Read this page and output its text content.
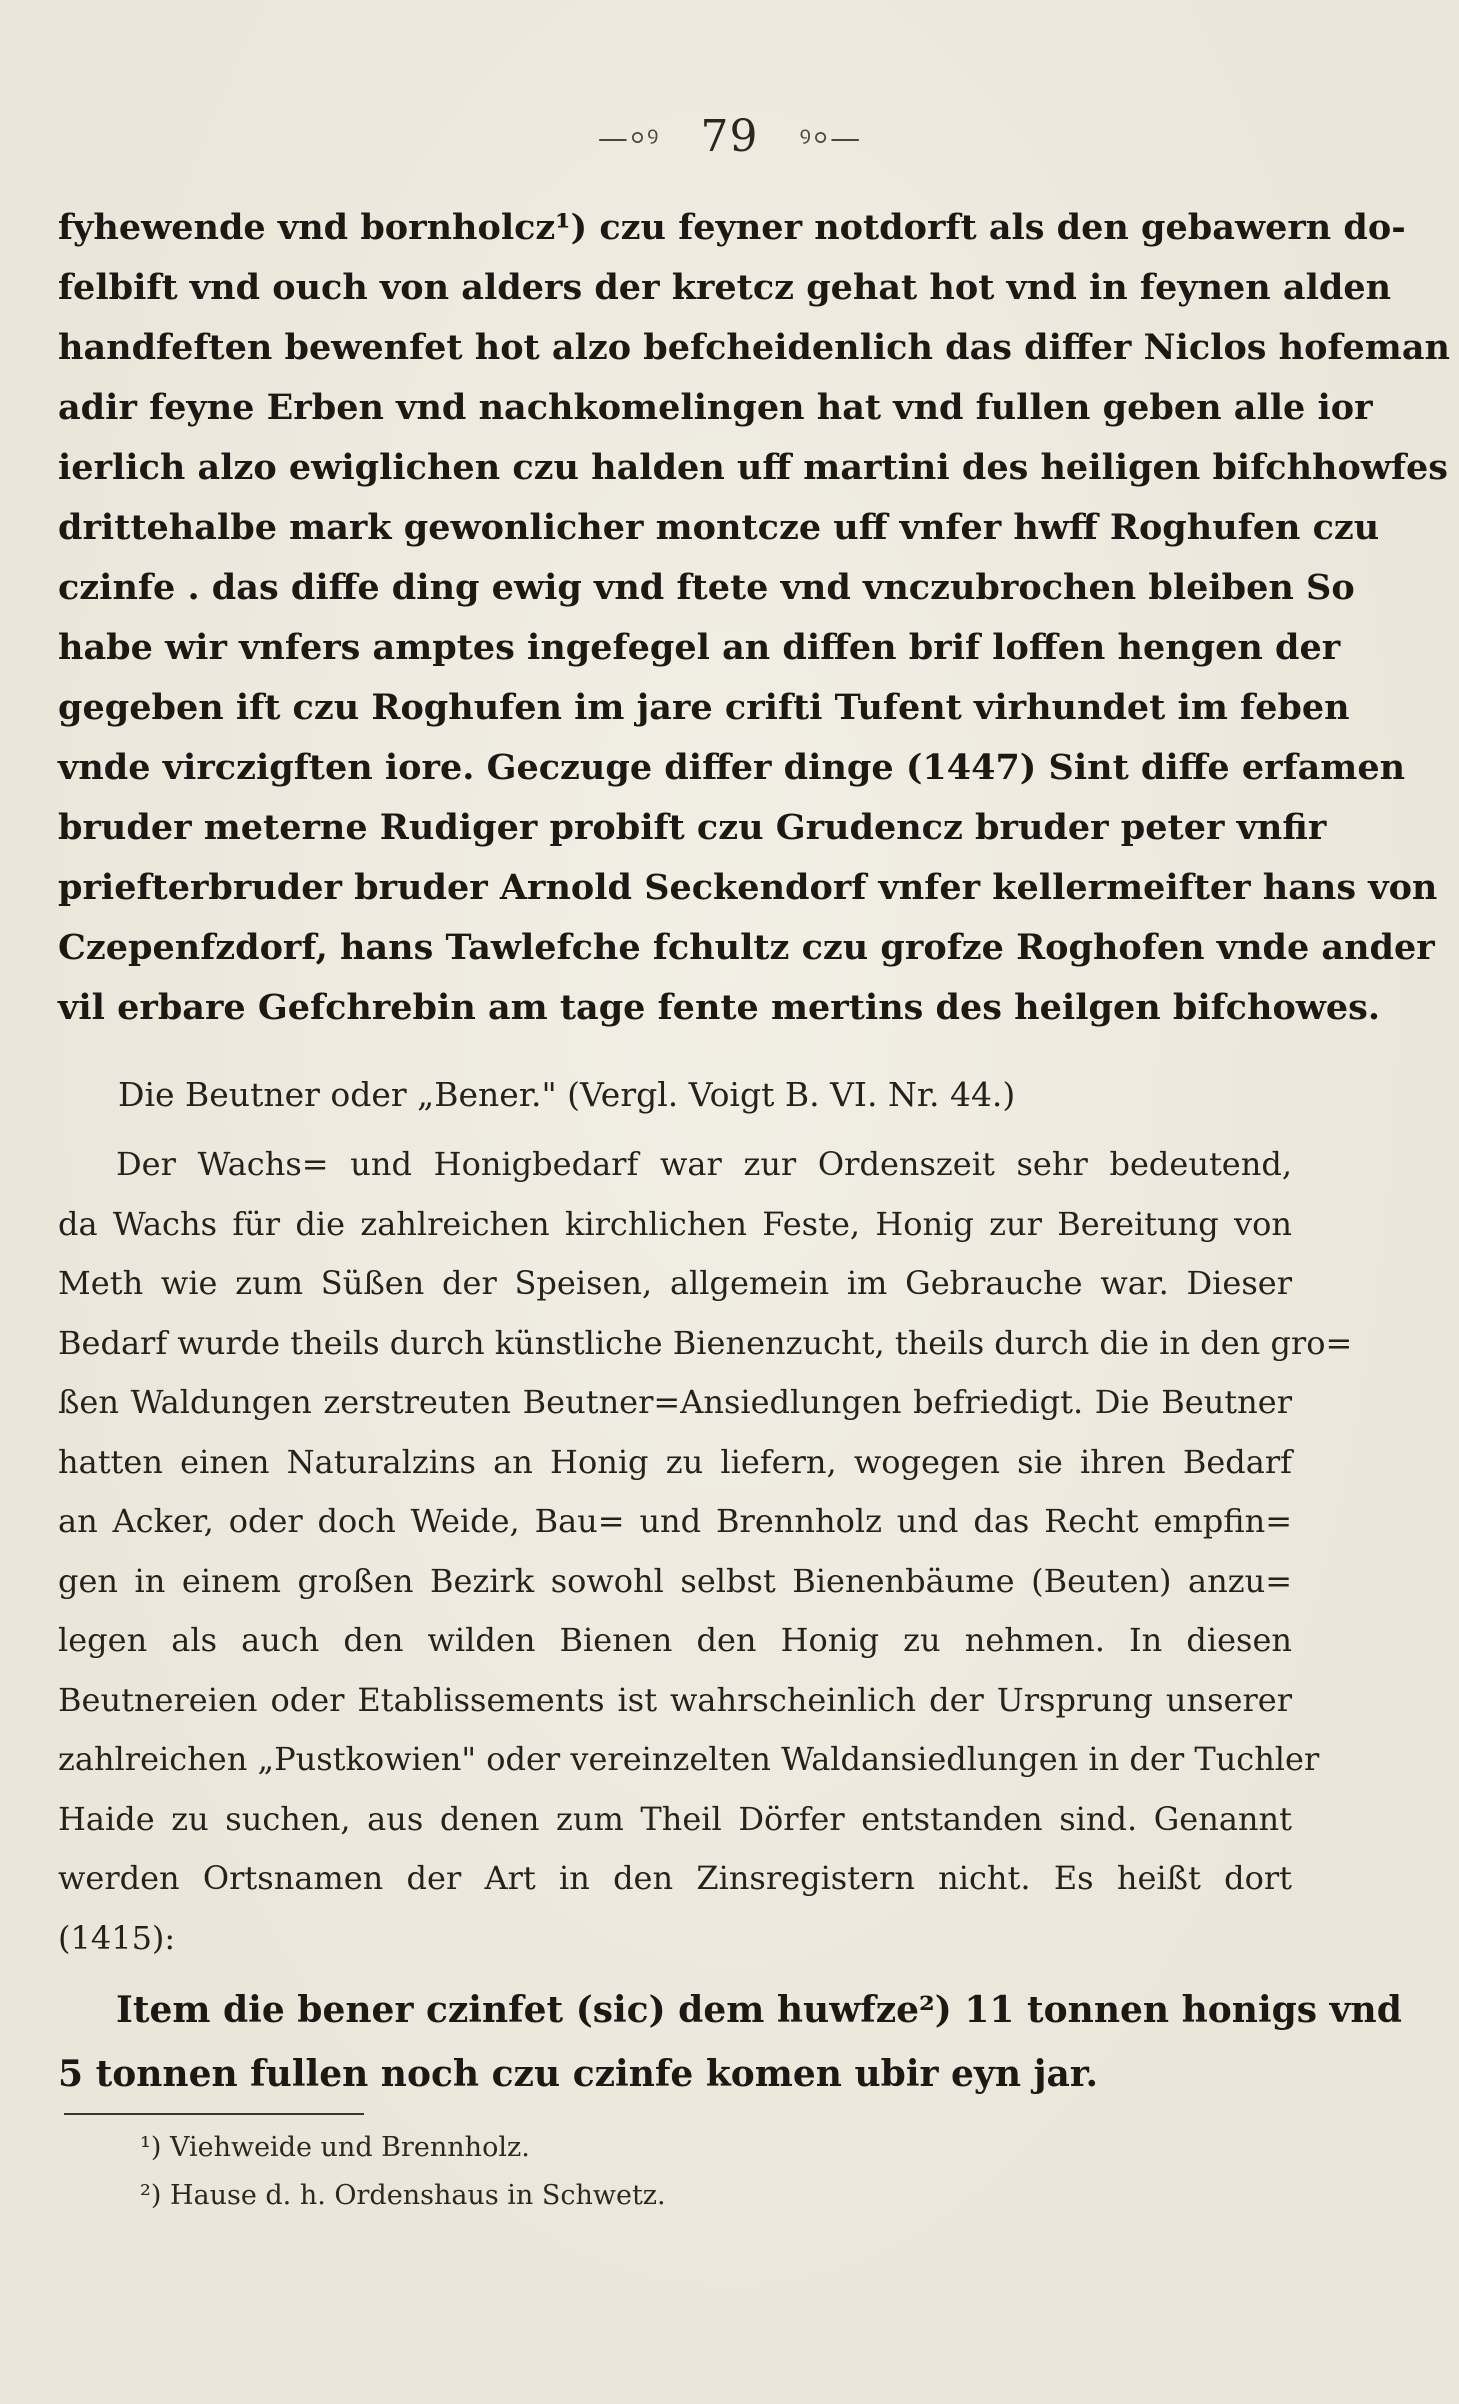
—⸰ꝰ 79 ꝰ⸰—
fyhewende vnd bornholcz¹) czu feyner notdorft als den gebawern do-
felbift vnd ouch von alders der kretcz gehat hot vnd in feynen alden
handfeften bewenfet hot alzo befcheidenlich das differ Niclos hofeman
adir feyne Erben vnd nachkomelingen hat vnd fullen geben alle ior
ierlich alzo ewiglichen czu halden uff martini des heiligen bifchhowfes
drittehalbe mark gewonlicher montcze uff vnfer hwff Roghufen czu
czinfe . das diffe ding ewig vnd ftete vnd vnczubrochen bleiben So
habe wir vnfers amptes ingefegel an diffen brif loffen hengen der
gegeben ift czu Roghufen im jare crifti Tufent virhundet im feben
vnde virczigften iore. Geczuge differ dinge (1447) Sint diffe erfamen
bruder meterne Rudiger probift czu Grudencz bruder peter vnfir
priefterbruder bruder Arnold Seckendorf vnfer kellermeifter hans von
Czepenfzdorf, hans Tawlefche fchultz czu grofze Roghofen vnde ander
vil erbare Gefchrebin am tage fente mertins des heilgen bifchowes.
Die Beutner oder „Bener." (Vergl. Voigt B. VI. Nr. 44.)
Der Wachs= und Honigbedarf war zur Ordenszeit sehr bedeutend,
da Wachs für die zahlreichen kirchlichen Feste, Honig zur Bereitung von
Meth wie zum Süßen der Speisen, allgemein im Gebrauche war. Dieser
Bedarf wurde theils durch künstliche Bienenzucht, theils durch die in den gro=
ßen Waldungen zerstreuten Beutner=Ansiedlungen befriedigt. Die Beutner
hatten einen Naturalzins an Honig zu liefern, wogegen sie ihren Bedarf
an Acker, oder doch Weide, Bau= und Brennholz und das Recht empfin=
gen in einem großen Bezirk sowohl selbst Bienenbäume (Beuten) anzu=
legen als auch den wilden Bienen den Honig zu nehmen. In diesen
Beutnereien oder Etablissements ist wahrscheinlich der Ursprung unserer
zahlreichen „Pustkowien" oder vereinzelten Waldansiedlungen in der Tuchler
Haide zu suchen, aus denen zum Theil Dörfer entstanden sind. Genannt
werden Ortsnamen der Art in den Zinsregistern nicht. Es heißt dort
(1415):
Item die bener czinfet (sic) dem huwfze²) 11 tonnen honigs vnd
5 tonnen fullen noch czu czinfe komen ubir eyn jar.
¹) Viehweide und Brennholz.
²) Hause d. h. Ordenshaus in Schwetz.
